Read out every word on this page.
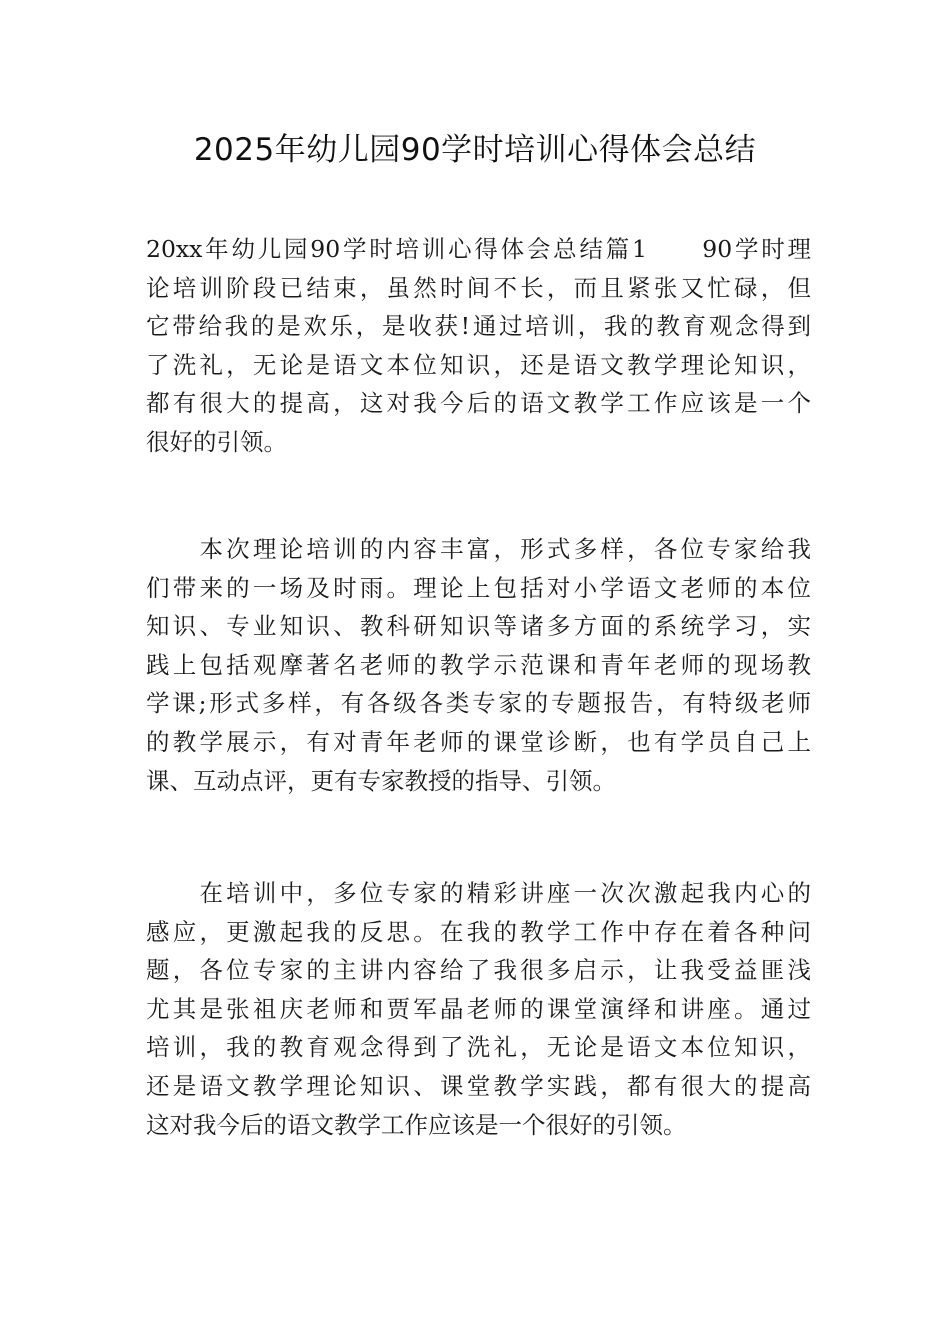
2025年幼儿园90学时培训心得体会总结
20xx年幼儿园90学时培训心得体会总结篇1　　90学时理
论培训阶段已结束，虽然时间不长，而且紧张又忙碌，但
它带给我的是欢乐，是收获!通过培训，我的教育观念得到
了洗礼，无论是语文本位知识，还是语文教学理论知识，
都有很大的提高，这对我今后的语文教学工作应该是一个
很好的引领。
　　本次理论培训的内容丰富，形式多样，各位专家给我
们带来的一场及时雨。理论上包括对小学语文老师的本位
知识、专业知识、教科研知识等诸多方面的系统学习，实
践上包括观摩著名老师的教学示范课和青年老师的现场教
学课;形式多样，有各级各类专家的专题报告，有特级老师
的教学展示，有对青年老师的课堂诊断，也有学员自己上
课、互动点评，更有专家教授的指导、引领。
　　在培训中，多位专家的精彩讲座一次次激起我内心的
感应，更激起我的反思。在我的教学工作中存在着各种问
题，各位专家的主讲内容给了我很多启示，让我受益匪浅
尤其是张祖庆老师和贾军晶老师的课堂演绎和讲座。通过
培训，我的教育观念得到了洗礼，无论是语文本位知识，
还是语文教学理论知识、课堂教学实践，都有很大的提高
这对我今后的语文教学工作应该是一个很好的引领。
